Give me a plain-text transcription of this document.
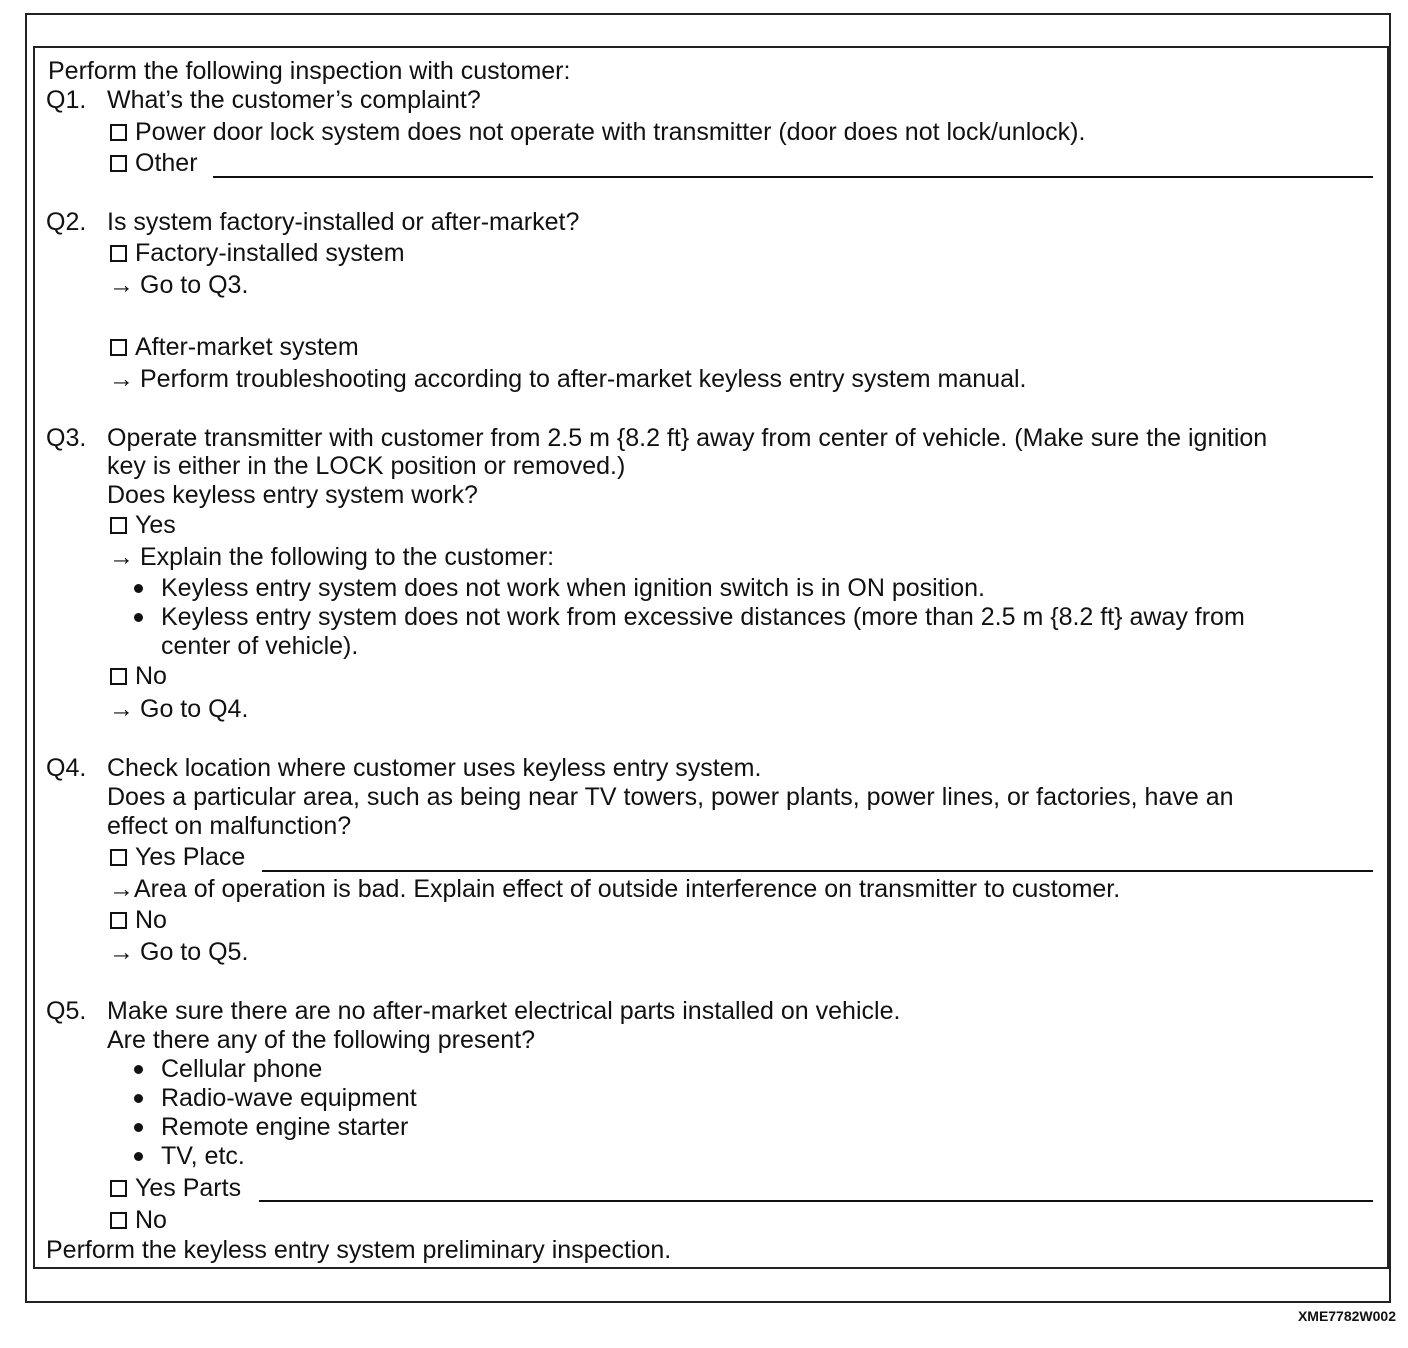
Perform the following inspection with customer:
Q1. What’s the customer’s complaint?
Power door lock system does not operate with transmitter (door does not lock/unlock).
Other
Q2. Is system factory-installed or after-market?
Factory-installed system
→ Go to Q3.
After-market system
→ Perform troubleshooting according to after-market keyless entry system manual.
Q3. Operate transmitter with customer from 2.5 m {8.2 ft} away from center of vehicle. (Make sure the ignition
key is either in the LOCK position or removed.)
Does keyless entry system work?
Yes
→ Explain the following to the customer:
Keyless entry system does not work when ignition switch is in ON position.
Keyless entry system does not work from excessive distances (more than 2.5 m {8.2 ft} away from
center of vehicle).
No
→ Go to Q4.
Q4. Check location where customer uses keyless entry system.
Does a particular area, such as being near TV towers, power plants, power lines, or factories, have an
effect on malfunction?
Yes Place
→Area of operation is bad. Explain effect of outside interference on transmitter to customer.
No
→ Go to Q5.
Q5. Make sure there are no after-market electrical parts installed on vehicle.
Are there any of the following present?
Cellular phone
Radio-wave equipment
Remote engine starter
TV, etc.
Yes Parts
No
Perform the keyless entry system preliminary inspection.
XME7782W002
